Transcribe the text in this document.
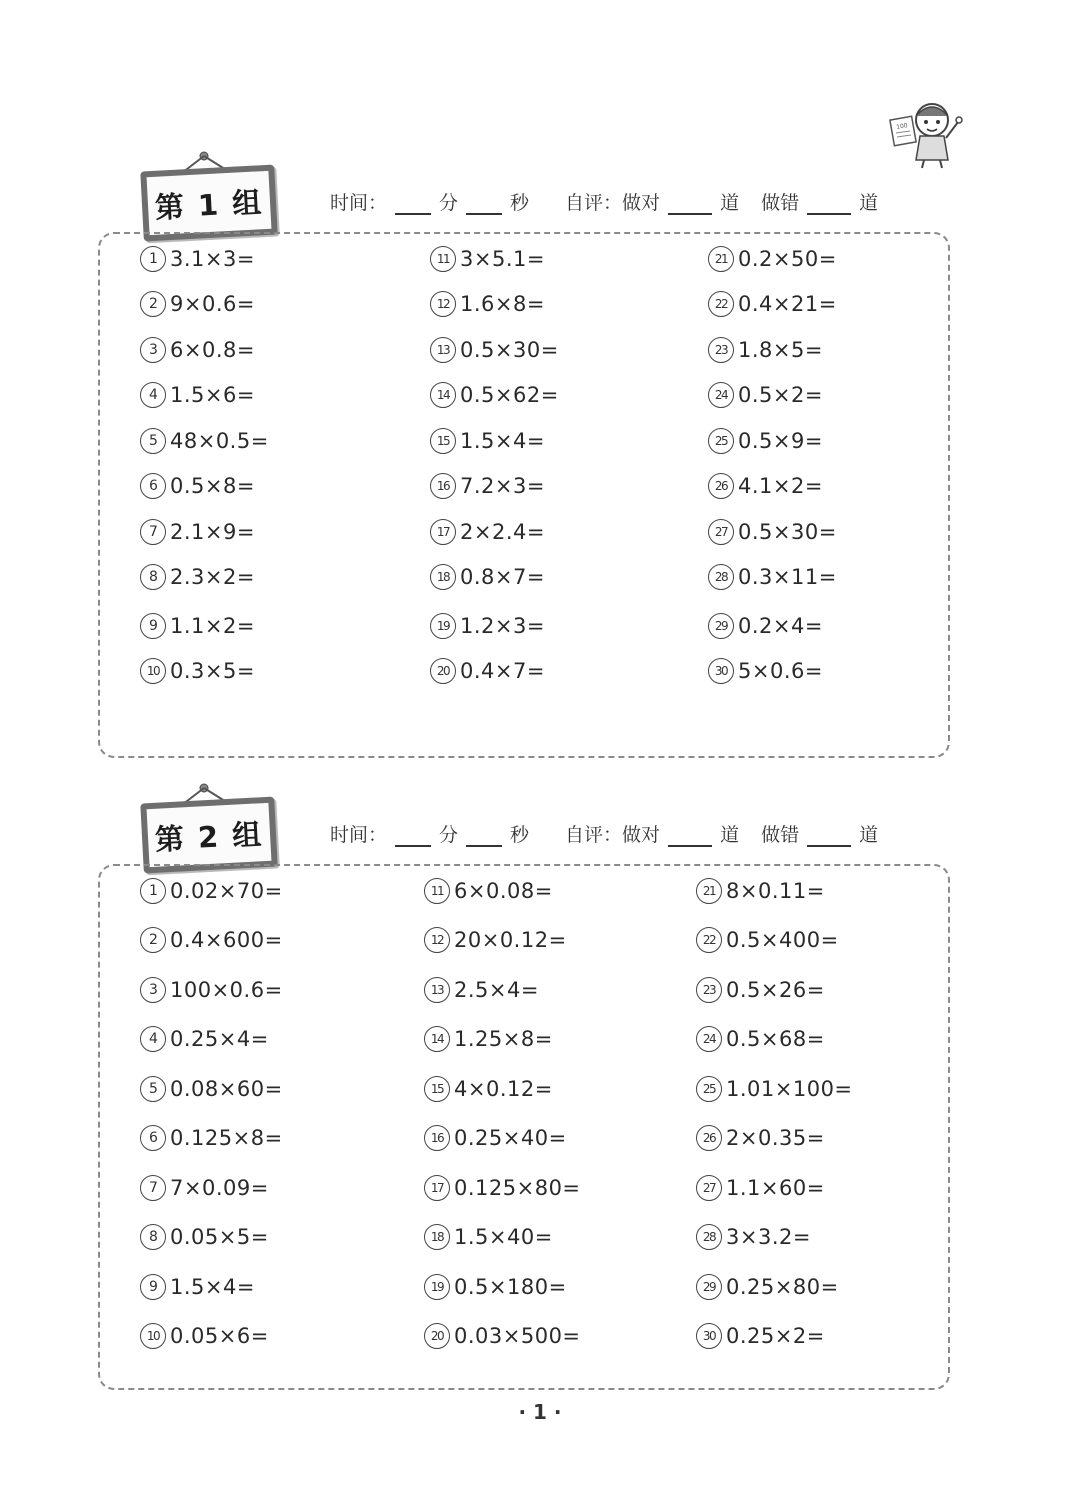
100
第 1 组	时间：	分	秒 自评：做对	道 做错	道
1 3.1×3=
2 9×0.6=
3 6×0.8=
4 1.5×6=
5 48×0.5=
6 0.5×8=
7 2.1×9=
8 2.3×2=
9 1.1×2=
10 0.3×5=
11 3×5.1=
12 1.6×8=
13 0.5×30=
14 0.5×62=
15 1.5×4=
16 7.2×3=
17 2×2.4=
18 0.8×7=
19 1.2×3=
20 0.4×7=
21 0.2×50=
22 0.4×21=
23 1.8×5=
24 0.5×2=
25 0.5×9=
26 4.1×2=
27 0.5×30=
28 0.3×11=
29 0.2×4=
30 5×0.6=
第 2 组	时间：	分	秒 自评：做对	道 做错	道
1 0.02×70=
2 0.4×600=
3 100×0.6=
4 0.25×4=
5 0.08×60=
6 0.125×8=
7 7×0.09=
8 0.05×5=
9 1.5×4=
10 0.05×6=
11 6×0.08=
12 20×0.12=
13 2.5×4=
14 1.25×8=
15 4×0.12=
16 0.25×40=
17 0.125×80=
18 1.5×40=
19 0.5×180=
20 0.03×500=
21 8×0.11=
22 0.5×400=
23 0.5×26=
24 0.5×68=
25 1.01×100=
26 2×0.35=
27 1.1×60=
28 3×3.2=
29 0.25×80=
30 0.25×2=
· 1 ·
